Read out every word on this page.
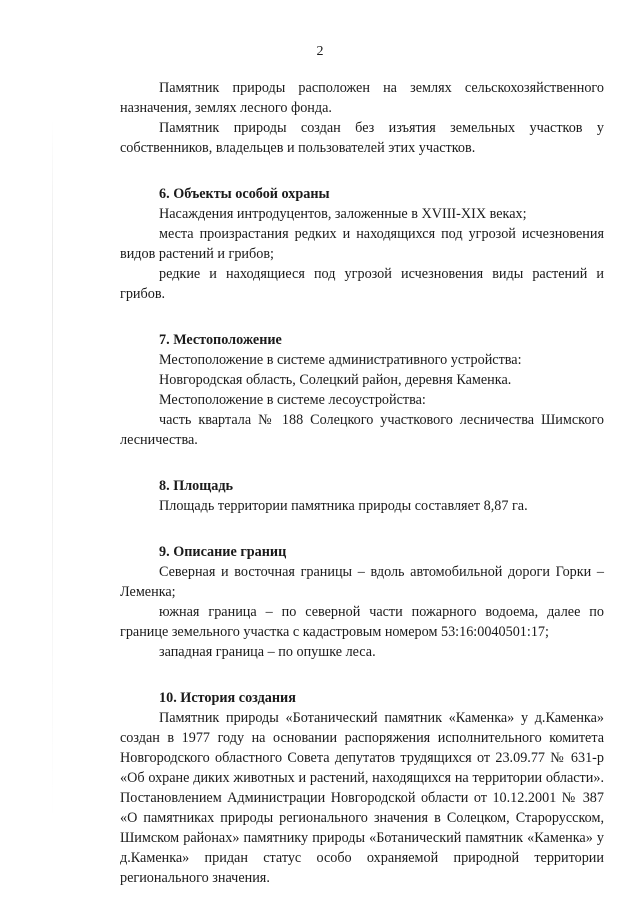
2

Памятник природы расположен на землях сельскохозяйственного назначения, землях лесного фонда.

Памятник природы создан без изъятия земельных участков у собственников, владельцев и пользователей этих участков.

6. Объекты особой охраны

Насаждения интродуцентов, заложенные в XVIII-XIX веках;

места произрастания редких и находящихся под угрозой исчезновения видов растений и грибов;

редкие и находящиеся под угрозой исчезновения виды растений и грибов.

7. Местоположение

Местоположение в системе административного устройства:

Новгородская область, Солецкий район, деревня Каменка.

Местоположение в системе лесоустройства:

часть квартала № 188 Солецкого участкового лесничества Шимского лесничества.

8. Площадь

Площадь территории памятника природы составляет 8,87 га.

9. Описание границ

Северная и восточная границы – вдоль автомобильной дороги Горки – Леменка;

южная граница – по северной части пожарного водоема, далее по границе земельного участка с кадастровым номером 53:16:0040501:17;

западная граница – по опушке леса.

10. История создания

Памятник природы «Ботанический памятник «Каменка» у д.Каменка» создан в 1977 году на основании распоряжения исполнительного комитета Новгородского областного Совета депутатов трудящихся от 23.09.77 № 631-р «Об охране диких животных и растений, находящихся на территории области». Постановлением Администрации Новгородской области от 10.12.2001 № 387 «О памятниках природы регионального значения в Солецком, Старорусском, Шимском районах» памятнику природы «Ботанический памятник «Каменка» у д.Каменка» придан статус особо охраняемой природной территории регионального значения.
